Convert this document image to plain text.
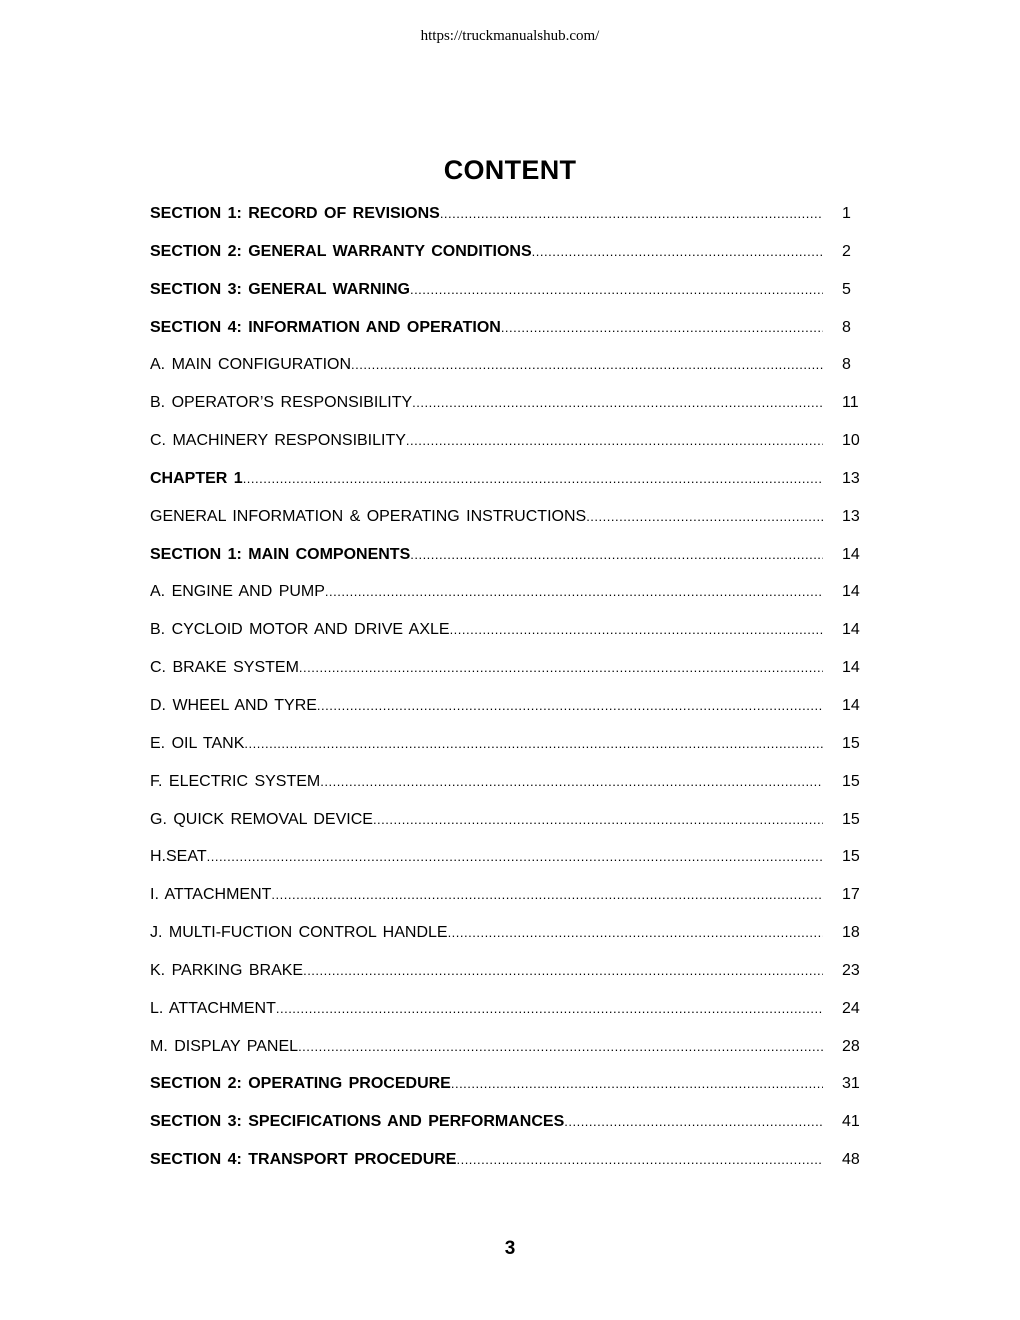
https://truckmanualshub.com/
CONTENT
SECTION 1: RECORD OF REVISIONS .....	1
SECTION 2: GENERAL WARRANTY CONDITIONS .....	2
SECTION 3: GENERAL WARNING .....	5
SECTION 4: INFORMATION AND OPERATION .....	8
A. MAIN CONFIGURATION .....	8
B. OPERATOR’S RESPONSIBILITY .....	11
C. MACHINERY RESPONSIBILITY .....	10
CHAPTER 1 .....	13
GENERAL INFORMATION & OPERATING INSTRUCTIONS .....	13
SECTION 1: MAIN COMPONENTS .....	14
A. ENGINE AND PUMP .....	14
B. CYCLOID MOTOR AND DRIVE AXLE .....	14
C. BRAKE SYSTEM .....	14
D. WHEEL AND TYRE .....	14
E. OIL TANK .....	15
F. ELECTRIC SYSTEM .....	15
G. QUICK REMOVAL DEVICE .....	15
H.SEAT .....	15
I. ATTACHMENT .....	17
J. MULTI-FUCTION CONTROL HANDLE .....	18
K. PARKING BRAKE .....	23
L. ATTACHMENT .....	24
M. DISPLAY PANEL .....	28
SECTION 2: OPERATING PROCEDURE .....	31
SECTION 3: SPECIFICATIONS AND PERFORMANCES .....	41
SECTION 4: TRANSPORT PROCEDURE .....	48
3
